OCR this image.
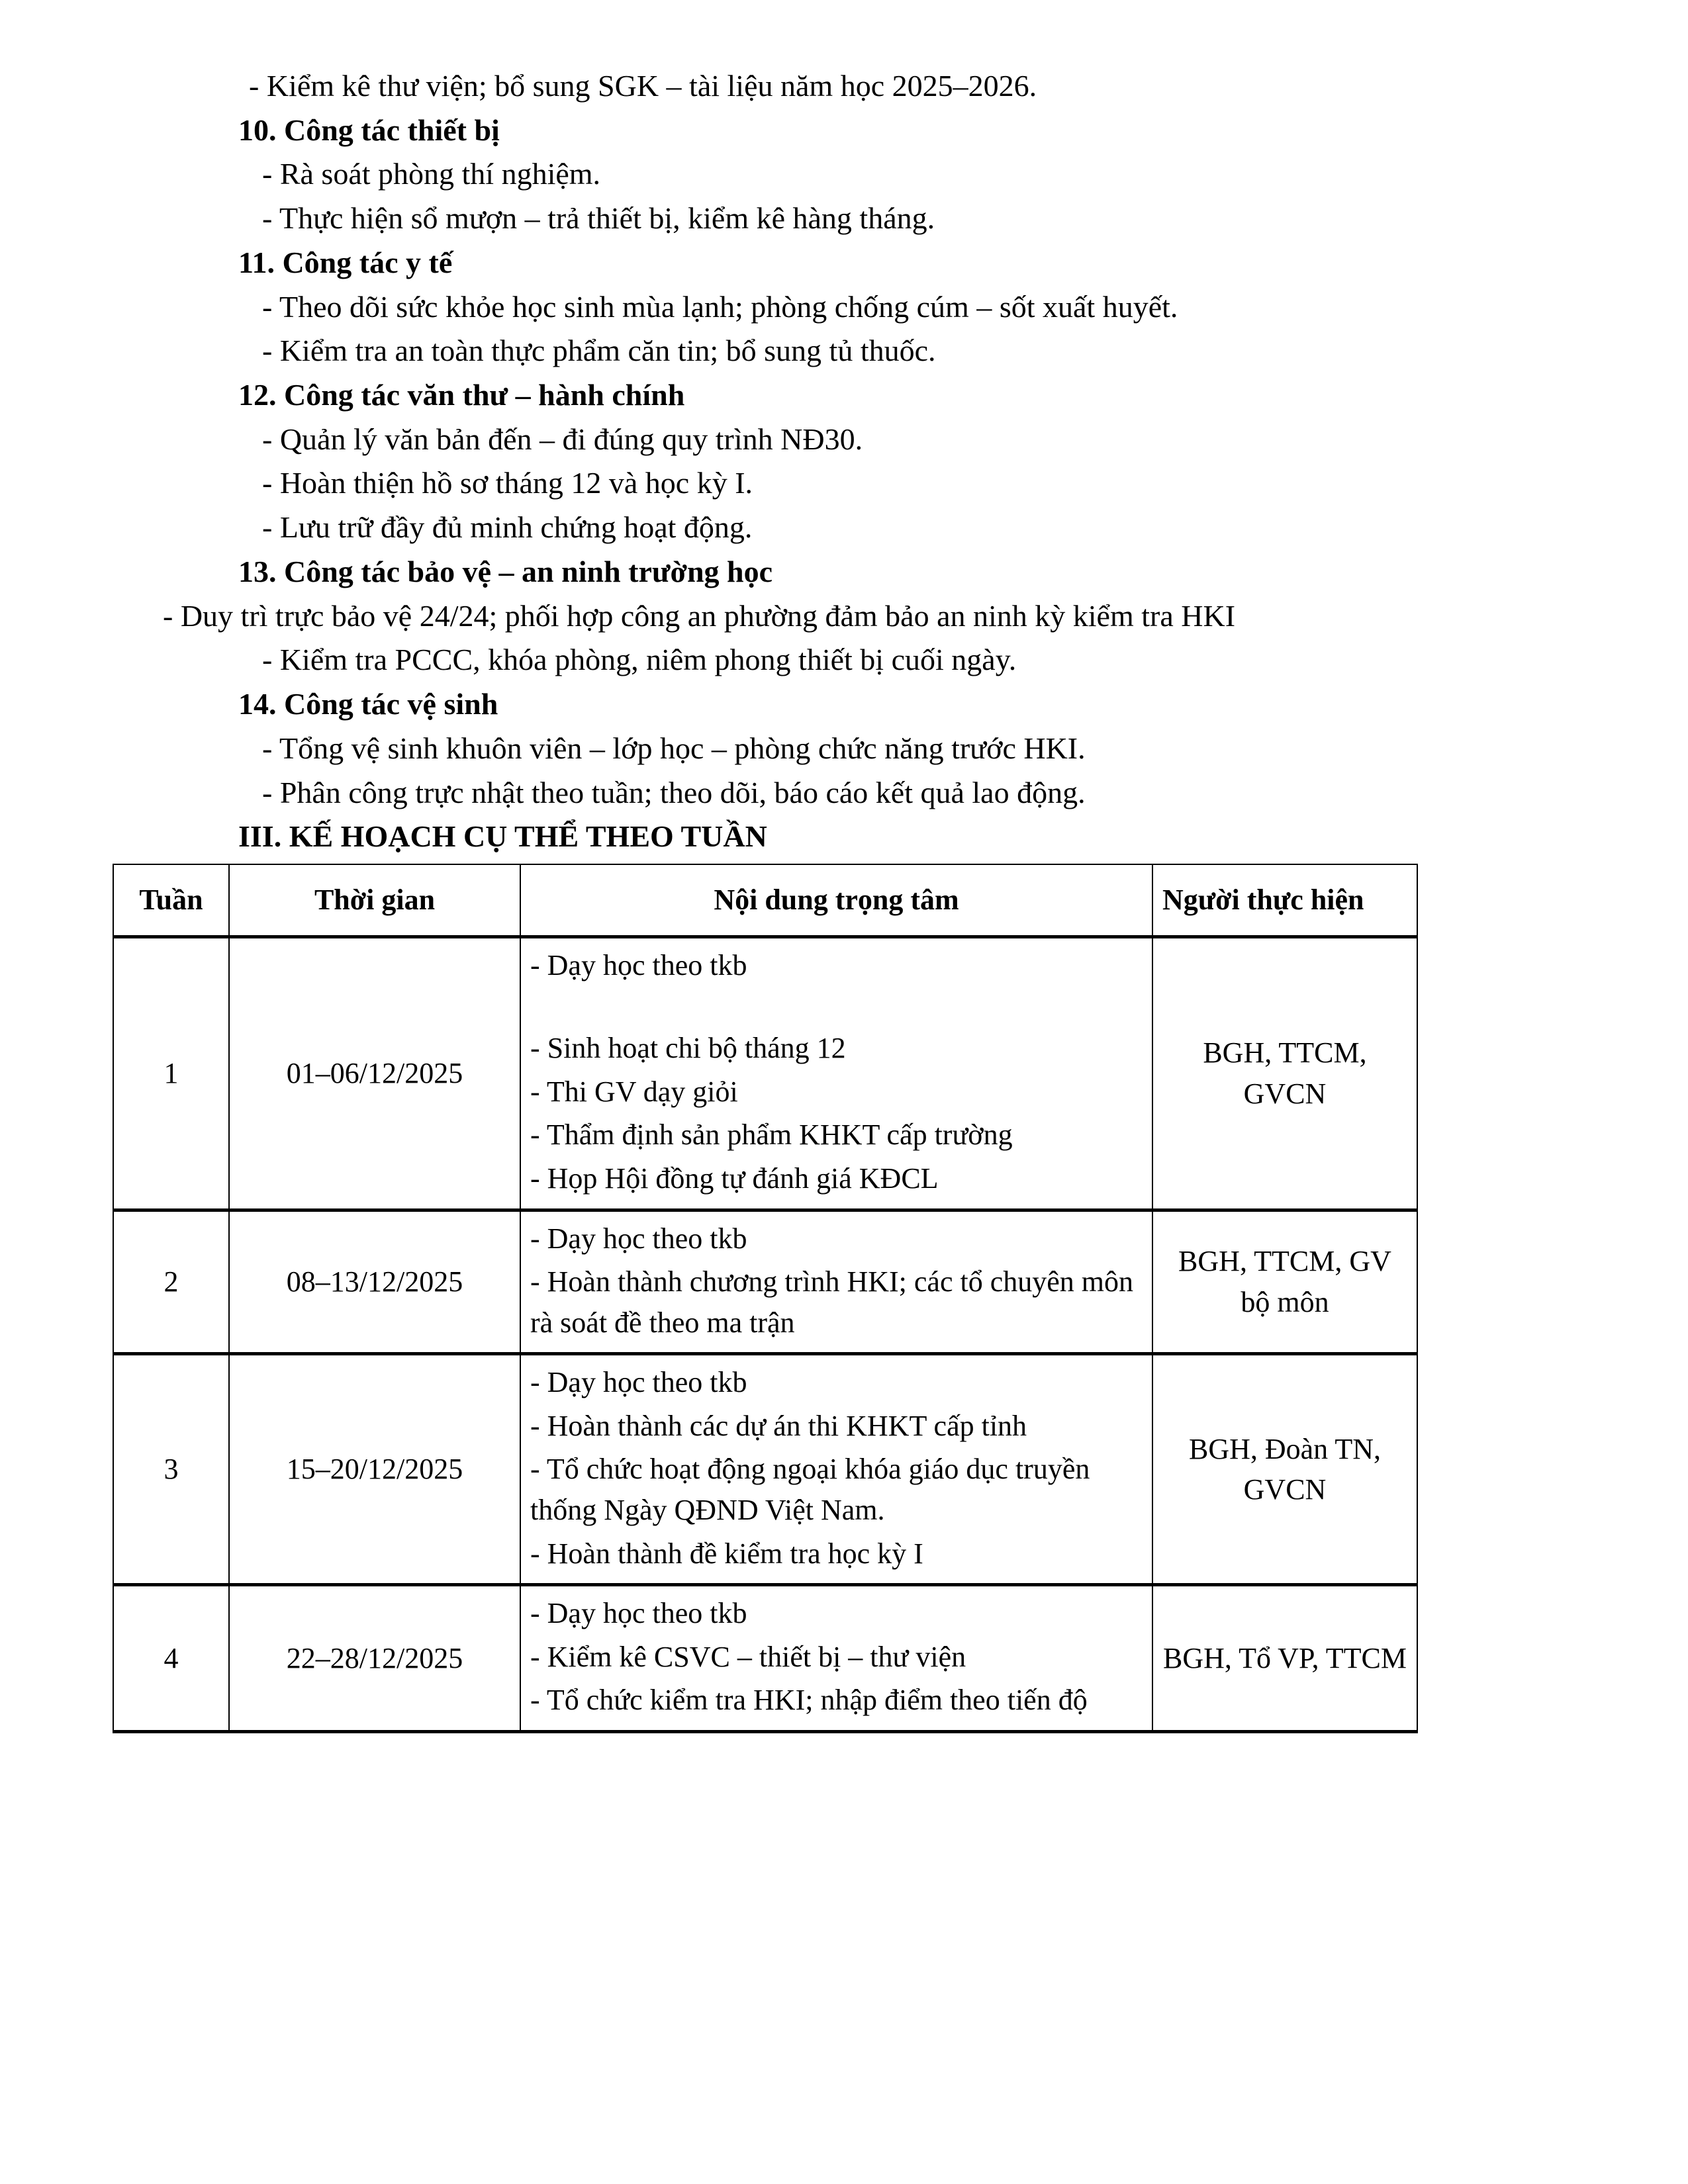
- Kiểm kê thư viện; bổ sung SGK – tài liệu năm học 2025–2026.

10. Công tác thiết bị

- Rà soát phòng thí nghiệm.

- Thực hiện sổ mượn – trả thiết bị, kiểm kê hàng tháng.

11. Công tác y tế

- Theo dõi sức khỏe học sinh mùa lạnh; phòng chống cúm – sốt xuất huyết.

- Kiểm tra an toàn thực phẩm căn tin; bổ sung tủ thuốc.

12. Công tác văn thư – hành chính

- Quản lý văn bản đến – đi đúng quy trình NĐ30.

- Hoàn thiện hồ sơ tháng 12 và học kỳ I.

- Lưu trữ đầy đủ minh chứng hoạt động.

13. Công tác bảo vệ – an ninh trường học

- Duy trì trực bảo vệ 24/24; phối hợp công an phường đảm bảo an ninh kỳ kiểm tra HKI

- Kiểm tra PCCC, khóa phòng, niêm phong thiết bị cuối ngày.

14. Công tác vệ sinh

- Tổng vệ sinh khuôn viên – lớp học – phòng chức năng trước HKI.

- Phân công trực nhật theo tuần; theo dõi, báo cáo kết quả lao động.

III. KẾ HOẠCH CỤ THỂ THEO TUẦN

Tuần	Thời gian	Nội dung trọng tâm	Người thực hiện
1	01–06/12/2025	
- Dạy học theo tkb
- Sinh hoạt chi bộ tháng 12
- Thi GV dạy giỏi
- Thẩm định sản phẩm KHKT cấp trường
- Họp Hội đồng tự đánh giá KĐCL
	BGH, TTCM, GVCN
2	08–13/12/2025	
- Dạy học theo tkb
- Hoàn thành chương trình HKI; các tổ chuyên môn rà soát đề theo ma trận
	BGH, TTCM, GV bộ môn
3	15–20/12/2025	
- Dạy học theo tkb
- Hoàn thành các dự án thi KHKT cấp tỉnh
- Tổ chức hoạt động ngoại khóa giáo dục truyền thống Ngày QĐND Việt Nam.
- Hoàn thành đề kiểm tra học kỳ I
	BGH, Đoàn TN, GVCN
4	22–28/12/2025	
- Dạy học theo tkb
- Kiểm kê CSVC – thiết bị – thư viện
- Tổ chức kiểm tra HKI; nhập điểm theo tiến độ
	BGH, Tổ VP, TTCM
